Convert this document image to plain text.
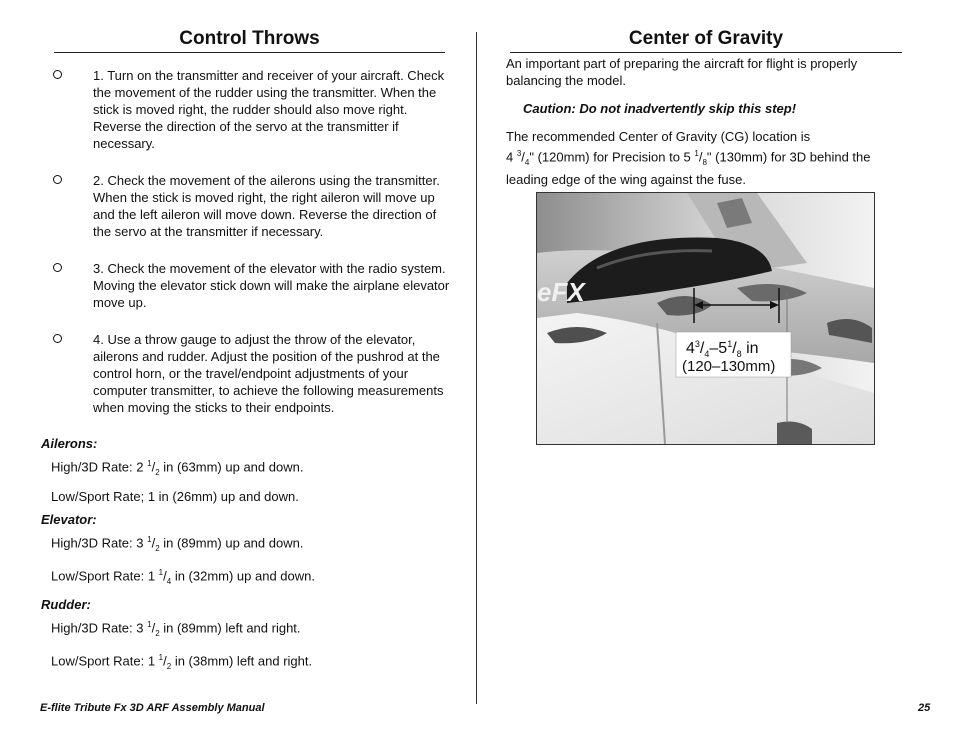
Control Throws
1. Turn on the transmitter and receiver of your aircraft. Check the movement of the rudder using the transmitter. When the stick is moved right, the rudder should also move right. Reverse the direction of the servo at the transmitter if necessary.
2. Check the movement of the ailerons using the transmitter. When the stick is moved right, the right aileron will move up and the left aileron will move down. Reverse the direction of the servo at the transmitter if necessary.
3. Check the movement of the elevator with the radio system. Moving the elevator stick down will make the airplane elevator move up.
4. Use a throw gauge to adjust the throw of the elevator, ailerons and rudder. Adjust the position of the pushrod at the control horn, or the travel/endpoint adjustments of your computer transmitter, to achieve the following measurements when moving the sticks to their endpoints.
Ailerons:
High/3D Rate: 2 $^1/_2$ in (63mm) up and down.
Low/Sport Rate; 1 in (26mm) up and down.
Elevator:
High/3D Rate: 3 $^1/_2$ in (89mm) up and down.
Low/Sport Rate: 1 $^1/_4$ in (32mm) up and down.
Rudder:
High/3D Rate: 3 $^1/_2$ in (89mm) left and right.
Low/Sport Rate: 1 $^1/_2$ in (38mm) left and right.
Center of Gravity

An important part of preparing the aircraft for flight is properly balancing the model.

Caution: Do not inadvertently skip this step!

The recommended Center of Gravity (CG) location is
4 $^3/_4$" (120mm) for Precision to 5 $^1/_8$" (130mm) for 3D behind the leading edge of the wing against the fuse.

eFX
$4^3/_4-5^1/_8$ in
(120–130mm)
E-flite Tribute Fx 3D ARF Assembly Manual	25
